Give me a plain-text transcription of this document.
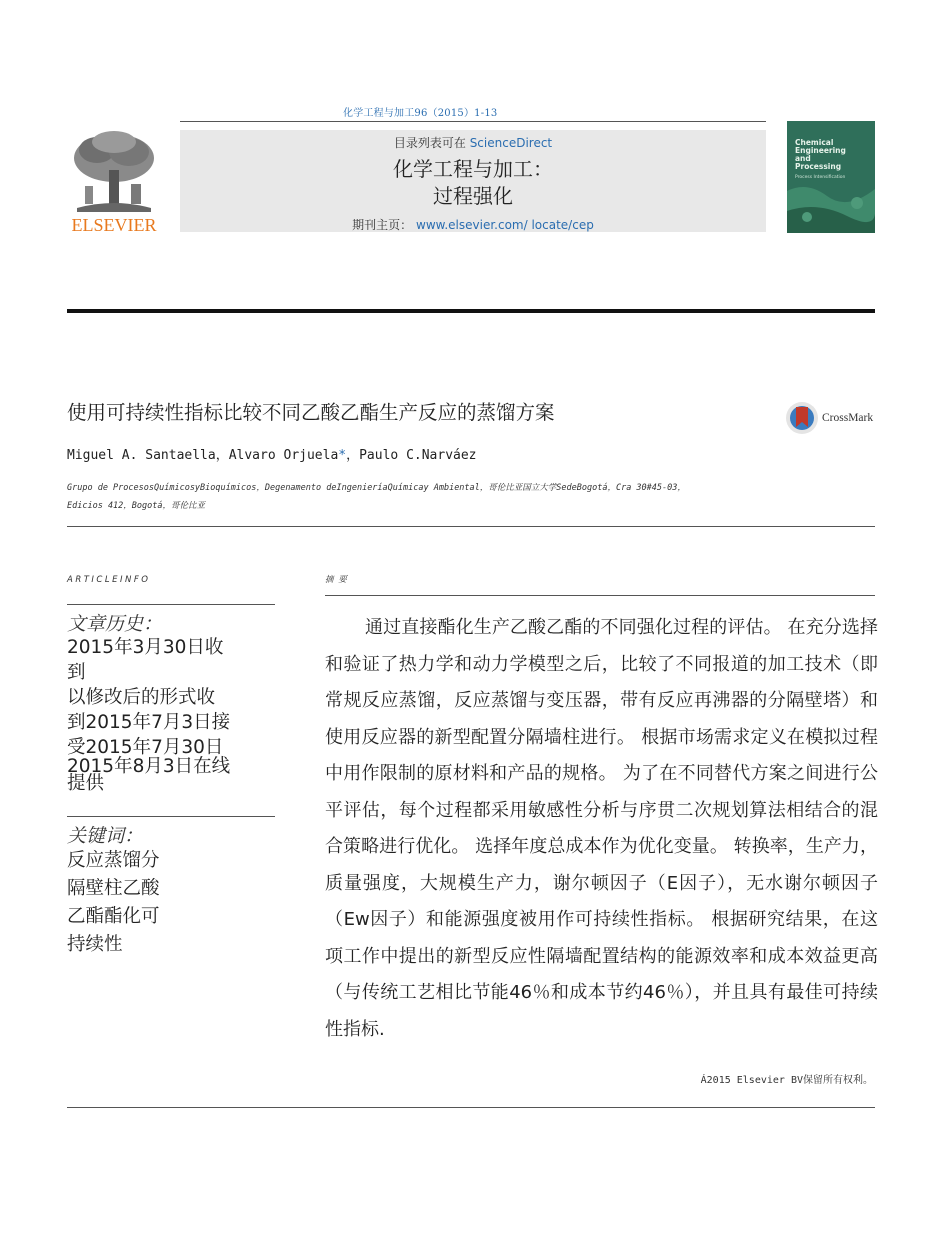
化学工程与加工96（2015）1-13
ELSEVIER
目录列表可在 ScienceDirect
化学工程与加工：
过程强化
期刊主页： www.elsevier.com/ locate/cep
Chemical
Engineering
and
Processing
Process Intensification
使用可持续性指标比较不同乙酸乙酯生产反应的蒸馏方案	CrossMark
Miguel A. Santaella，Alvaro Orjuela*，Paulo C.Narváez
Grupo de ProcesosQuímicosyBioquímicos，Degenamento deIngenieríaQuímicay Ambiental，哥伦比亚国立大学SedeBogotá，Cra 30#45-03，
Edicios 412，Bogotá，哥伦比亚
ARTICLEINFO
文章历史：
2015年3月30日收
到
以修改后的形式收
到2015年7月3日接
受2015年7月30日
2015年8月3日在线
提供
关键词：
反应蒸馏分
隔壁柱乙酸
乙酯酯化可
持续性
摘 要
通过直接酯化生产乙酸乙酯的不同强化过程的评估。 在充分选择和验证了热力学和动力学模型之后，比较了不同报道的加工技术（即常规反应蒸馏，反应蒸馏与变压器，带有反应再沸器的分隔壁塔）和使用反应器的新型配置分隔墙柱进行。 根据市场需求定义在模拟过程中用作限制的原材料和产品的规格。 为了在不同替代方案之间进行公平评估，每个过程都采用敏感性分析与序贯二次规划算法相结合的混合策略进行优化。 选择年度总成本作为优化变量。 转换率，生产力，质量强度，大规模生产力，谢尔顿因子（E因子），无水谢尔顿因子（Ew因子）和能源强度被用作可持续性指标。 根据研究结果，在这项工作中提出的新型反应性隔墙配置结构的能源效率和成本效益更高（与传统工艺相比节能46％和成本节约46％），并且具有最佳可持续性指标.
Á2015 Elsevier BV保留所有权利。
